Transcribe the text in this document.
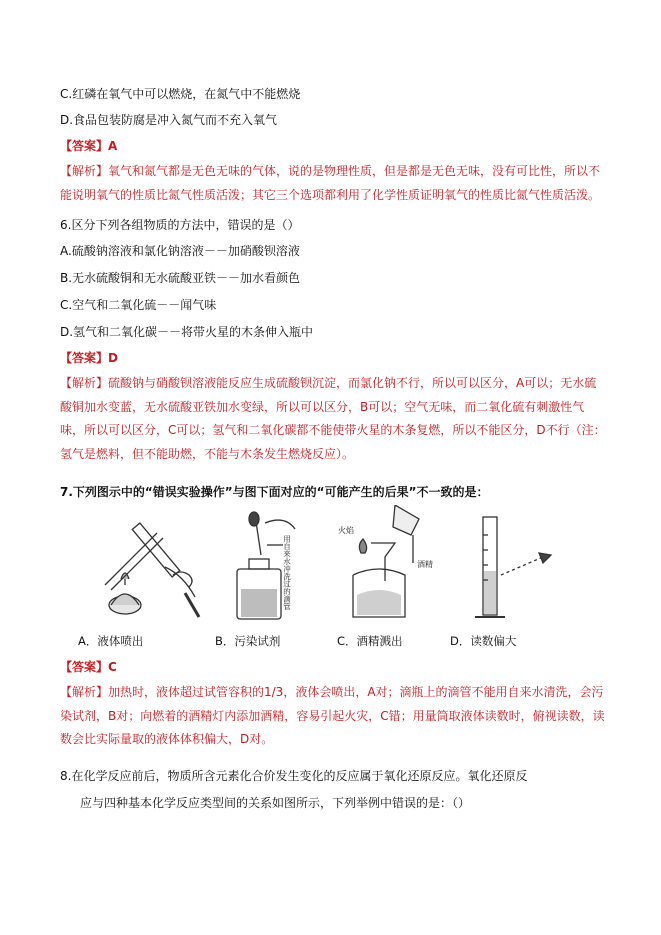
C.红磷在氧气中可以燃烧，在氮气中不能燃烧
D.食品包装防腐是冲入氮气而不充入氧气
【答案】A
【解析】氧气和氮气都是无色无味的气体，说的是物理性质，但是都是无色无味，没有可比性，所以不能说明氧气的性质比氮气性质活泼；其它三个选项都利用了化学性质证明氧气的性质比氮气性质活泼。
6.区分下列各组物质的方法中，错误的是（）
A.硫酸钠溶液和氯化钠溶液－－加硝酸钡溶液
B.无水硫酸铜和无水硫酸亚铁－－加水看颜色
C.空气和二氧化硫－－闻气味
D.氢气和二氧化碳－－将带火星的木条伸入瓶中
【答案】D
【解析】硫酸钠与硝酸钡溶液能反应生成硫酸钡沉淀，而氯化钠不行，所以可以区分，A可以；无水硫酸铜加水变蓝，无水硫酸亚铁加水变绿，所以可以区分，B可以；空气无味，而二氧化硫有刺激性气味，所以可以区分，C可以；氢气和二氧化碳都不能使带火星的木条复燃，所以不能区分，D不行（注：氢气是燃料，但不能助燃，不能与木条发生燃烧反应）。
7.下列图示中的“错误实验操作”与图下面对应的“可能产生的后果”不一致的是：
用自来水冲洗过的滴管
火焰
酒精
A．液体喷出	B．污染试剂	C．酒精溅出	D．读数偏大
【答案】C
【解析】加热时，液体超过试管容积的1/3，液体会喷出，A对；滴瓶上的滴管不能用自来水清洗，会污染试剂，B对；向燃着的酒精灯内添加酒精，容易引起火灾，C错；用量筒取液体读数时，俯视读数，读数会比实际量取的液体体积偏大，D对。
8.在化学反应前后，物质所含元素化合价发生变化的反应属于氧化还原反应。氧化还原反
应与四种基本化学反应类型间的关系如图所示，下列举例中错误的是：（）
